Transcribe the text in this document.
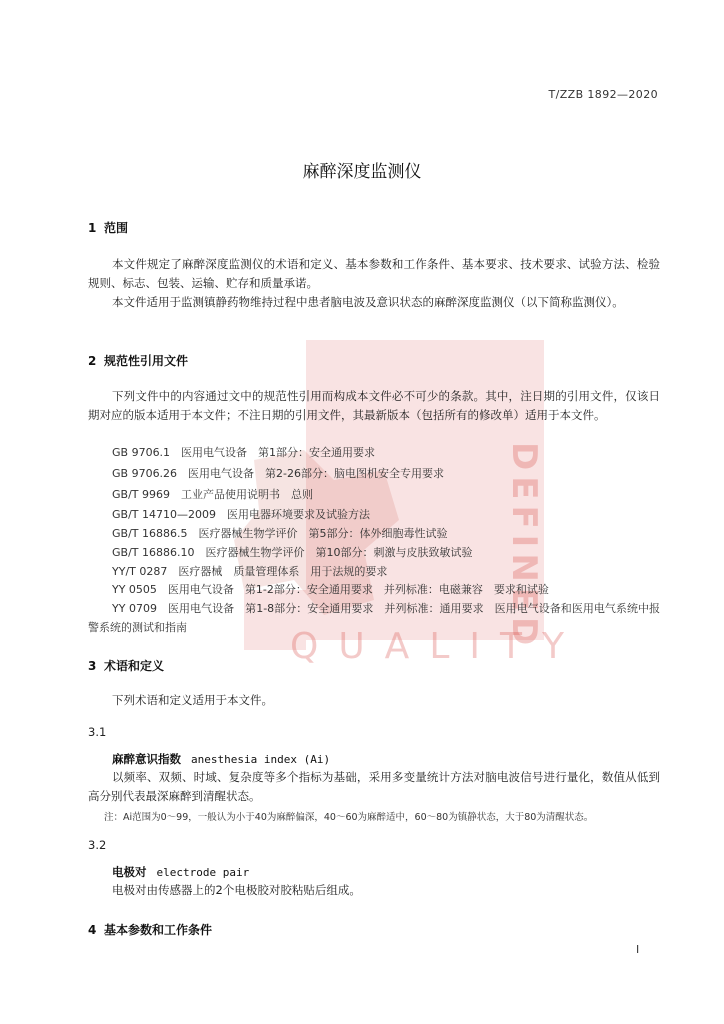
DEFINED
QUALITY
T/ZZB 1892—2020
麻醉深度监测仪
1 范围
本文件规定了麻醉深度监测仪的术语和定义、基本参数和工作条件、基本要求、技术要求、试验方法、检验规则、标志、包装、运输、贮存和质量承诺。
本文件适用于监测镇静药物维持过程中患者脑电波及意识状态的麻醉深度监测仪（以下简称监测仪）。
2 规范性引用文件
下列文件中的内容通过文中的规范性引用而构成本文件必不可少的条款。其中，注日期的引用文件，仅该日期对应的版本适用于本文件；不注日期的引用文件，其最新版本（包括所有的修改单）适用于本文件。
GB 9706.1　医用电气设备　第1部分：安全通用要求
GB 9706.26　医用电气设备　第2-26部分：脑电图机安全专用要求
GB/T 9969　工业产品使用说明书　总则
GB/T 14710—2009　医用电器环境要求及试验方法
GB/T 16886.5　医疗器械生物学评价　第5部分：体外细胞毒性试验
GB/T 16886.10　医疗器械生物学评价　第10部分：刺激与皮肤致敏试验
YY/T 0287　医疗器械　质量管理体系　用于法规的要求
YY 0505　医用电气设备　第1-2部分：安全通用要求　并列标准：电磁兼容　要求和试验
YY 0709　医用电气设备　第1-8部分：安全通用要求　并列标准：通用要求　医用电气设备和医用电气系统中报警系统的测试和指南
3 术语和定义
下列术语和定义适用于本文件。
3.1
麻醉意识指数 anesthesia index (Ai)
以频率、双频、时域、复杂度等多个指标为基础，采用多变量统计方法对脑电波信号进行量化，数值从低到高分别代表最深麻醉到清醒状态。
注：Ai范围为0～99，一般认为小于40为麻醉偏深，40～60为麻醉适中，60～80为镇静状态，大于80为清醒状态。
3.2
电极对 electrode pair
电极对由传感器上的2个电极胶对胶粘贴后组成。
4 基本参数和工作条件
I
